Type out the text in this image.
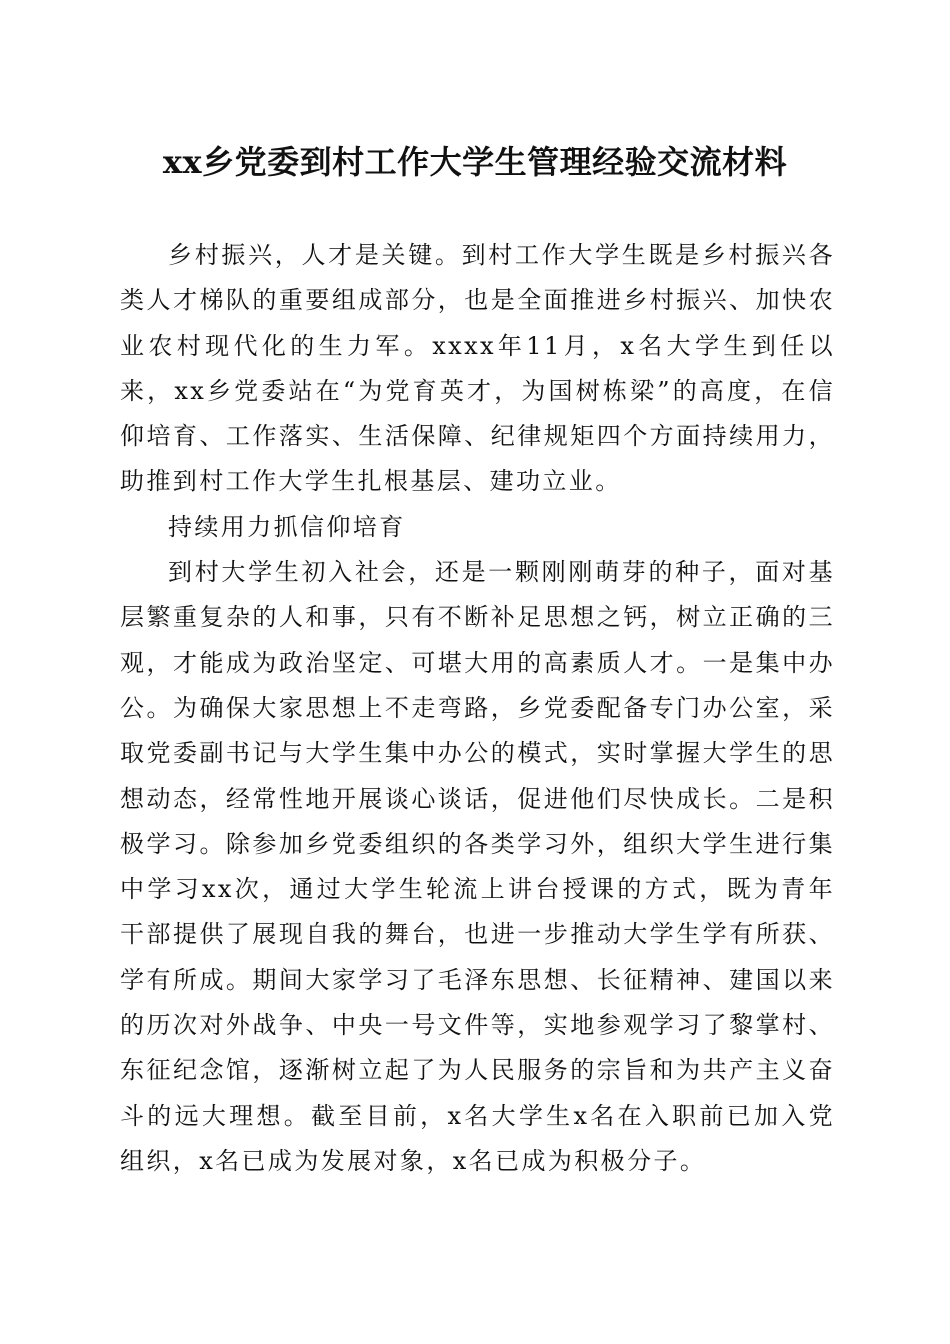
xx乡党委到村工作大学生管理经验交流材料

乡村振兴，人才是关键。到村工作大学生既是乡村振兴各类人才梯队的重要组成部分，也是全面推进乡村振兴、加快农业农村现代化的生力军。xxxx年11月，x名大学生到任以来，xx乡党委站在“为党育英才，为国树栋梁”的高度，在信仰培育、工作落实、生活保障、纪律规矩四个方面持续用力，助推到村工作大学生扎根基层、建功立业。

持续用力抓信仰培育

到村大学生初入社会，还是一颗刚刚萌芽的种子，面对基层繁重复杂的人和事，只有不断补足思想之钙，树立正确的三观，才能成为政治坚定、可堪大用的高素质人才。一是集中办公。为确保大家思想上不走弯路，乡党委配备专门办公室，采取党委副书记与大学生集中办公的模式，实时掌握大学生的思想动态，经常性地开展谈心谈话，促进他们尽快成长。二是积极学习。除参加乡党委组织的各类学习外，组织大学生进行集中学习xx次，通过大学生轮流上讲台授课的方式，既为青年干部提供了展现自我的舞台，也进一步推动大学生学有所获、学有所成。期间大家学习了毛泽东思想、长征精神、建国以来的历次对外战争、中央一号文件等，实地参观学习了黎掌村、东征纪念馆，逐渐树立起了为人民服务的宗旨和为共产主义奋斗的远大理想。截至目前，x名大学生x名在入职前已加入党组织，x名已成为发展对象，x名已成为积极分子。
